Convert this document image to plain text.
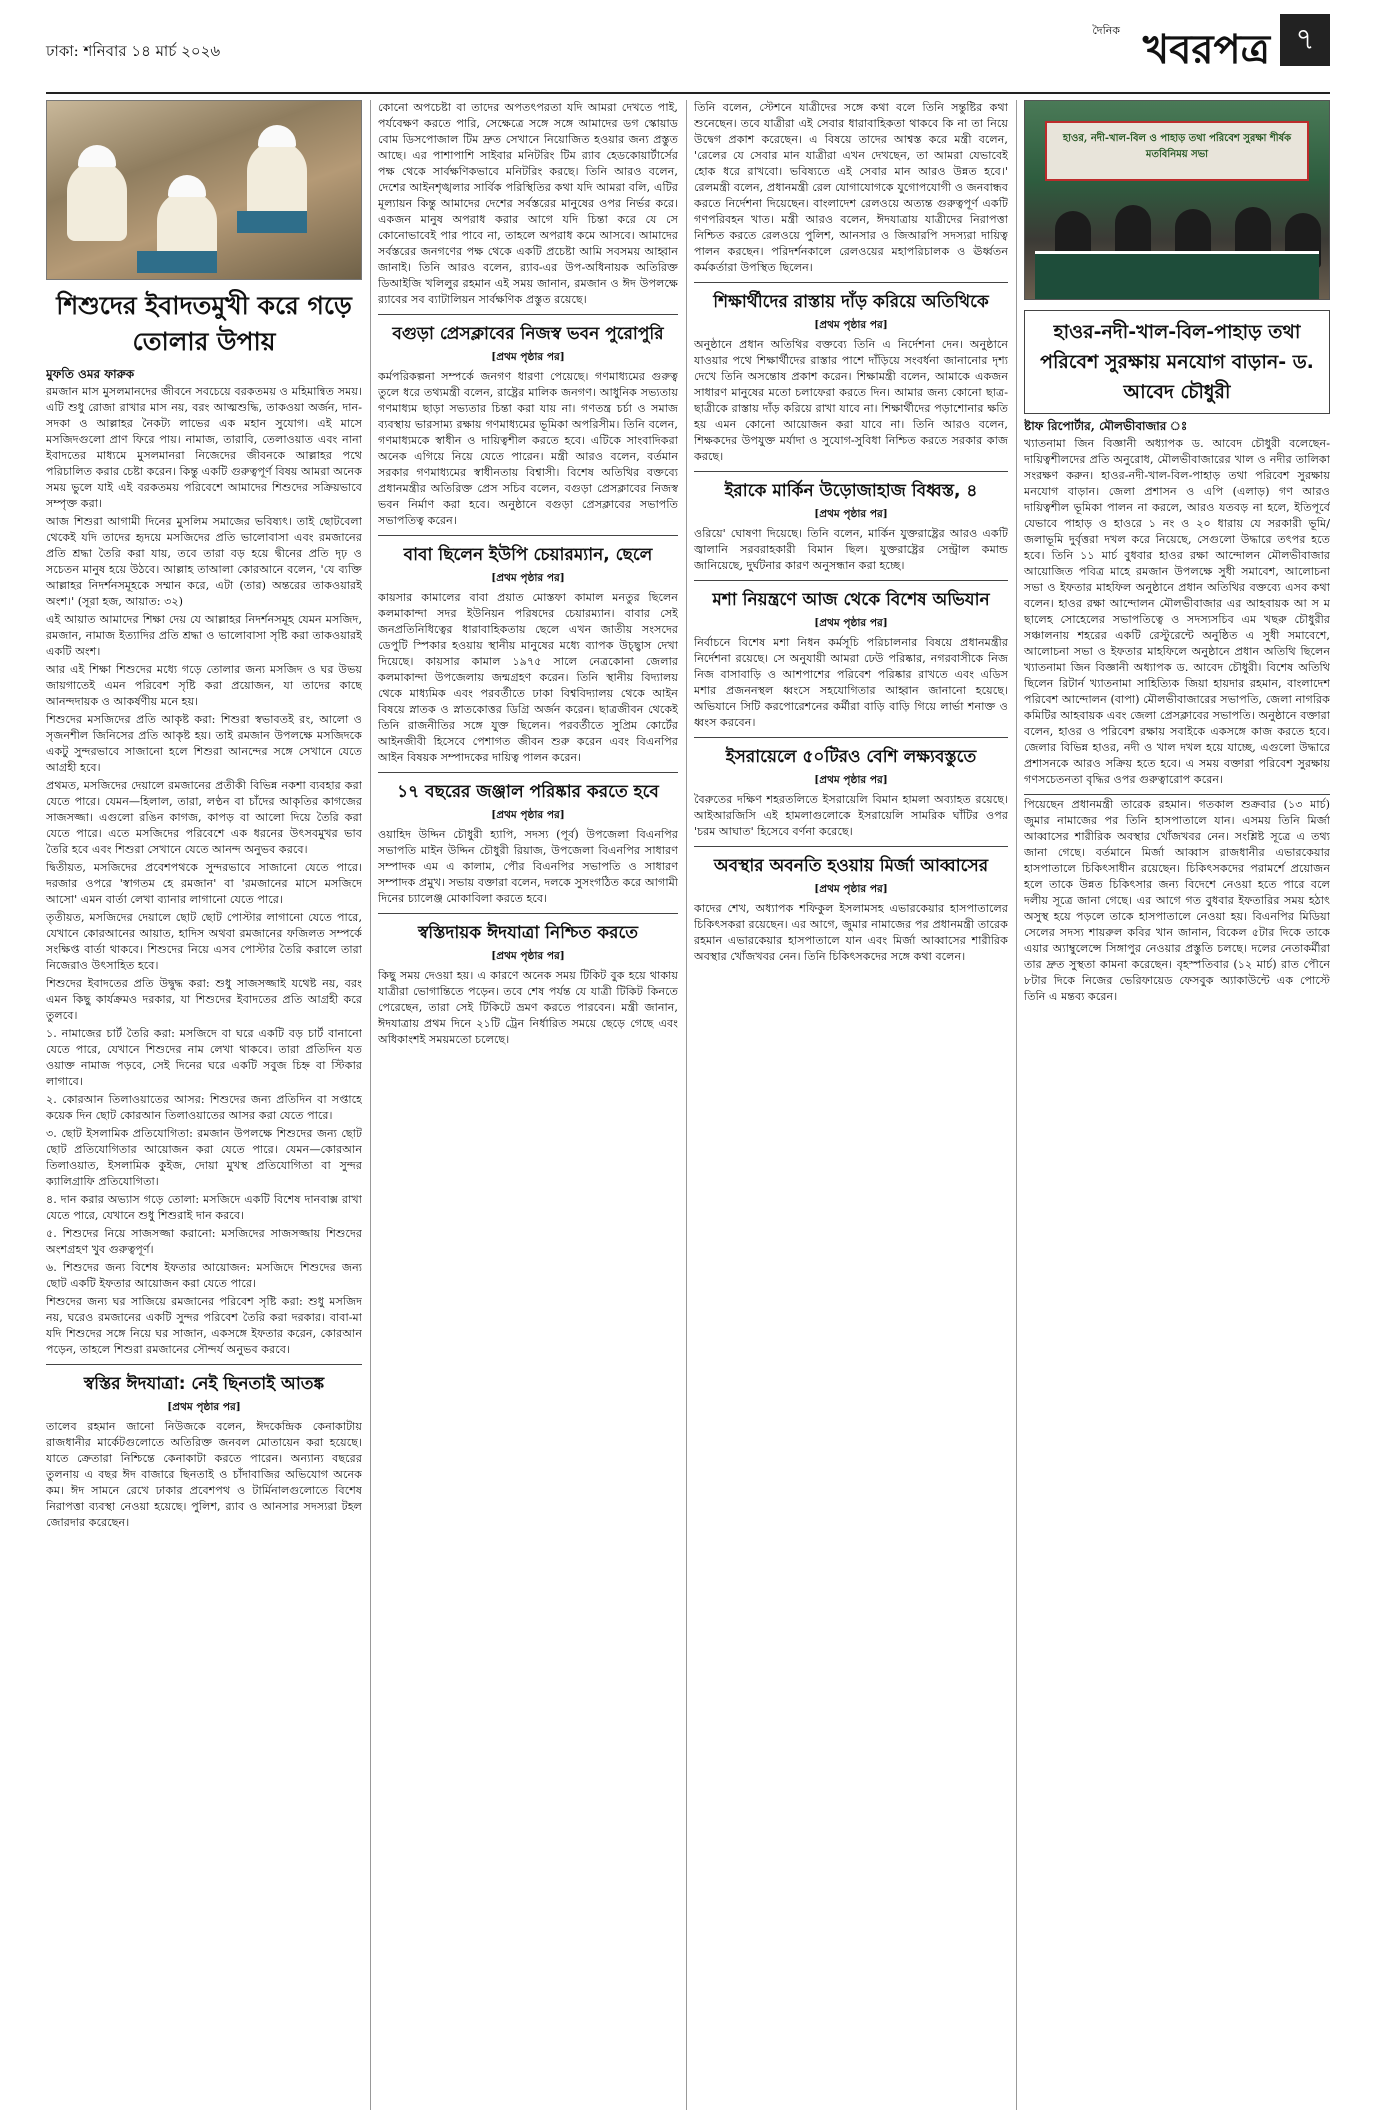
ঢাকা: শনিবার ১৪ মার্চ ২০২৬
দৈনিক খবরপত্র ৭
শিশুদের ইবাদতমুখী করে গড়ে তোলার উপায়
মুফতি ওমর ফারুক

রমজান মাস মুসলমানদের জীবনে সবচেয়ে বরকতময় ও মহিমান্বিত সময়। এটি শুধু রোজা রাখার মাস নয়, বরং আত্মশুদ্ধি, তাকওয়া অর্জন, দান-সদকা ও আল্লাহর নৈকট্য লাভের এক মহান সুযোগ। এই মাসে মসজিদগুলো প্রাণ ফিরে পায়। নামাজ, তারাবি, তেলাওয়াত এবং নানা ইবাদতের মাধ্যমে মুসলমানরা নিজেদের জীবনকে আল্লাহর পথে পরিচালিত করার চেষ্টা করেন। কিন্তু একটি গুরুত্বপূর্ণ বিষয় আমরা অনেক সময় ভুলে যাই এই বরকতময় পরিবেশে আমাদের শিশুদের সক্রিয়ভাবে সম্পৃক্ত করা।

আজ শিশুরা আগামী দিনের মুসলিম সমাজের ভবিষ্যৎ। তাই ছোটবেলা থেকেই যদি তাদের হৃদয়ে মসজিদের প্রতি ভালোবাসা এবং রমজানের প্রতি শ্রদ্ধা তৈরি করা যায়, তবে তারা বড় হয়ে দ্বীনের প্রতি দৃঢ় ও সচেতন মানুষ হয়ে উঠবে। আল্লাহ তাআলা কোরআনে বলেন, 'যে ব্যক্তি আল্লাহর নিদর্শনসমূহকে সম্মান করে, এটা (তার) অন্তরের তাকওয়ারই অংশ।' (সূরা হজ, আয়াত: ৩২)

এই আয়াত আমাদের শিক্ষা দেয় যে আল্লাহর নিদর্শনসমূহ যেমন মসজিদ, রমজান, নামাজ ইত্যাদির প্রতি শ্রদ্ধা ও ভালোবাসা সৃষ্টি করা তাকওয়ারই একটি অংশ।

আর এই শিক্ষা শিশুদের মধ্যে গড়ে তোলার জন্য মসজিদ ও ঘর উভয় জায়গাতেই এমন পরিবেশ সৃষ্টি করা প্রয়োজন, যা তাদের কাছে আনন্দদায়ক ও আকর্ষণীয় মনে হয়।

শিশুদের মসজিদের প্রতি আকৃষ্ট করা: শিশুরা স্বভাবতই রং, আলো ও সৃজনশীল জিনিসের প্রতি আকৃষ্ট হয়। তাই রমজান উপলক্ষে মসজিদকে একটু সুন্দরভাবে সাজানো হলে শিশুরা আনন্দের সঙ্গে সেখানে যেতে আগ্রহী হবে।

প্রথমত, মসজিদের দেয়ালে রমজানের প্রতীকী বিভিন্ন নকশা ব্যবহার করা যেতে পারে। যেমন—হিলাল, তারা, লণ্ঠন বা চাঁদের আকৃতির কাগজের সাজসজ্জা। এগুলো রঙিন কাগজ, কাপড় বা আলো দিয়ে তৈরি করা যেতে পারে। এতে মসজিদের পরিবেশে এক ধরনের উৎসবমুখর ভাব তৈরি হবে এবং শিশুরা সেখানে যেতে আনন্দ অনুভব করবে।

দ্বিতীয়ত, মসজিদের প্রবেশপথকে সুন্দরভাবে সাজানো যেতে পারে। দরজার ওপরে 'স্বাগতম হে রমজান' বা 'রমজানের মাসে মসজিদে আসো' এমন বার্তা লেখা ব্যানার লাগানো যেতে পারে।

তৃতীয়ত, মসজিদের দেয়ালে ছোট ছোট পোস্টার লাগানো যেতে পারে, যেখানে কোরআনের আয়াত, হাদিস অথবা রমজানের ফজিলত সম্পর্কে সংক্ষিপ্ত বার্তা থাকবে। শিশুদের নিয়ে এসব পোস্টার তৈরি করালে তারা নিজেরাও উৎসাহিত হবে।

শিশুদের ইবাদতের প্রতি উদ্বুদ্ধ করা: শুধু সাজসজ্জাই যথেষ্ট নয়, বরং এমন কিছু কার্যক্রমও দরকার, যা শিশুদের ইবাদতের প্রতি আগ্রহী করে তুলবে।

১. নামাজের চার্ট তৈরি করা: মসজিদে বা ঘরে একটি বড় চার্ট বানানো যেতে পারে, যেখানে শিশুদের নাম লেখা থাকবে। তারা প্রতিদিন যত ওয়াক্ত নামাজ পড়বে, সেই দিনের ঘরে একটি সবুজ চিহ্ন বা স্টিকার লাগাবে।

২. কোরআন তিলাওয়াতের আসর: শিশুদের জন্য প্রতিদিন বা সপ্তাহে কয়েক দিন ছোট কোরআন তিলাওয়াতের আসর করা যেতে পারে।

৩. ছোট ইসলামিক প্রতিযোগিতা: রমজান উপলক্ষে শিশুদের জন্য ছোট ছোট প্রতিযোগিতার আয়োজন করা যেতে পারে। যেমন—কোরআন তিলাওয়াত, ইসলামিক কুইজ, দোয়া মুখস্থ প্রতিযোগিতা বা সুন্দর ক্যালিগ্রাফি প্রতিযোগিতা।

৪. দান করার অভ্যাস গড়ে তোলা: মসজিদে একটি বিশেষ দানবাক্স রাখা যেতে পারে, যেখানে শুধু শিশুরাই দান করবে।

৫. শিশুদের নিয়ে সাজসজ্জা করানো: মসজিদের সাজসজ্জায় শিশুদের অংশগ্রহণ খুব গুরুত্বপূর্ণ।

৬. শিশুদের জন্য বিশেষ ইফতার আয়োজন: মসজিদে শিশুদের জন্য ছোট একটি ইফতার আয়োজন করা যেতে পারে।

শিশুদের জন্য ঘর সাজিয়ে রমজানের পরিবেশ সৃষ্টি করা: শুধু মসজিদ নয়, ঘরেও রমজানের একটি সুন্দর পরিবেশ তৈরি করা দরকার। বাবা-মা যদি শিশুদের সঙ্গে নিয়ে ঘর সাজান, একসঙ্গে ইফতার করেন, কোরআন পড়েন, তাহলে শিশুরা রমজানের সৌন্দর্য অনুভব করবে।

স্বস্তির ঈদযাত্রা: নেই ছিনতাই আতঙ্ক
[প্রথম পৃষ্ঠার পর]

তালেব রহমান জানো নিউজকে বলেন, ঈদকেন্দ্রিক কেনাকাটায় রাজধানীর মার্কেটগুলোতে অতিরিক্ত জনবল মোতায়েন করা হয়েছে। যাতে ক্রেতারা নিশ্চিন্তে কেনাকাটা করতে পারেন। অন্যান্য বছরের তুলনায় এ বছর ঈদ বাজারে ছিনতাই ও চাঁদাবাজির অভিযোগ অনেক কম। ঈদ সামনে রেখে ঢাকার প্রবেশপথ ও টার্মিনালগুলোতে বিশেষ নিরাপত্তা ব্যবস্থা নেওয়া হয়েছে। পুলিশ, র‍্যাব ও আনসার সদস্যরা টহল জোরদার করেছেন।

কোনো অপচেষ্টা বা তাদের অপতৎপরতা যদি আমরা দেখতে পাই, পর্যবেক্ষণ করতে পারি, সেক্ষেত্রে সঙ্গে সঙ্গে আমাদের ডগ স্কোয়াড বোম ডিসপোজাল টিম দ্রুত সেখানে নিয়োজিত হওয়ার জন্য প্রস্তুত আছে। এর পাশাপাশি সাইবার মনিটরিং টিম র‍্যাব হেডকোয়ার্টার্সের পক্ষ থেকে সার্বক্ষণিকভাবে মনিটরিং করছে। তিনি আরও বলেন, দেশের আইনশৃঙ্খলার সার্বিক পরিস্থিতির কথা যদি আমরা বলি, এটির মূল্যায়ন কিন্তু আমাদের দেশের সর্বস্তরের মানুষের ওপর নির্ভর করে। একজন মানুষ অপরাধ করার আগে যদি চিন্তা করে যে সে কোনোভাবেই পার পাবে না, তাহলে অপরাধ কমে আসবে। আমাদের সর্বস্তরের জনগণের পক্ষ থেকে একটি প্রচেষ্টা আমি সবসময় আহ্বান জানাই। তিনি আরও বলেন, র‍্যাব-এর উপ-অধিনায়ক অতিরিক্ত ডিআইজি খলিলুর রহমান এই সময় জানান, রমজান ও ঈদ উপলক্ষে র‍্যাবের সব ব্যাটালিয়ন সার্বক্ষণিক প্রস্তুত রয়েছে।

বগুড়া প্রেসক্লাবের নিজস্ব ভবন পুরোপুরি
[প্রথম পৃষ্ঠার পর]

কর্মপরিকল্পনা সম্পর্কে জনগণ ধারণা পেয়েছে। গণমাধ্যমের গুরুত্ব তুলে ধরে তথ্যমন্ত্রী বলেন, রাষ্ট্রের মালিক জনগণ। আধুনিক সভ্যতায় গণমাধ্যম ছাড়া সভ্যতার চিন্তা করা যায় না। গণতন্ত্র চর্চা ও সমাজ ব্যবস্থায় ভারসাম্য রক্ষায় গণমাধ্যমের ভূমিকা অপরিসীম। তিনি বলেন, গণমাধ্যমকে স্বাধীন ও দায়িত্বশীল করতে হবে। এটিকে সাংবাদিকরা অনেক এগিয়ে নিয়ে যেতে পারেন। মন্ত্রী আরও বলেন, বর্তমান সরকার গণমাধ্যমের স্বাধীনতায় বিশ্বাসী। বিশেষ অতিথির বক্তব্যে প্রধানমন্ত্রীর অতিরিক্ত প্রেস সচিব বলেন, বগুড়া প্রেসক্লাবের নিজস্ব ভবন নির্মাণ করা হবে। অনুষ্ঠানে বগুড়া প্রেসক্লাবের সভাপতি সভাপতিত্ব করেন।

বাবা ছিলেন ইউপি চেয়ারম্যান, ছেলে
[প্রথম পৃষ্ঠার পর]

কায়সার কামালের বাবা প্রয়াত মোস্তফা কামাল মনতুর ছিলেন কলমাকান্দা সদর ইউনিয়ন পরিষদের চেয়ারম্যান। বাবার সেই জনপ্রতিনিধিত্বের ধারাবাহিকতায় ছেলে এখন জাতীয় সংসদের ডেপুটি স্পিকার হওয়ায় স্থানীয় মানুষের মধ্যে ব্যাপক উচ্ছ্বাস দেখা দিয়েছে। কায়সার কামাল ১৯৭৫ সালে নেত্রকোনা জেলার কলমাকান্দা উপজেলায় জন্মগ্রহণ করেন। তিনি স্থানীয় বিদ্যালয় থেকে মাধ্যমিক এবং পরবর্তীতে ঢাকা বিশ্ববিদ্যালয় থেকে আইন বিষয়ে স্নাতক ও স্নাতকোত্তর ডিগ্রি অর্জন করেন। ছাত্রজীবন থেকেই তিনি রাজনীতির সঙ্গে যুক্ত ছিলেন। পরবর্তীতে সুপ্রিম কোর্টের আইনজীবী হিসেবে পেশাগত জীবন শুরু করেন এবং বিএনপির আইন বিষয়ক সম্পাদকের দায়িত্ব পালন করেন।

১৭ বছরের জঞ্জাল পরিষ্কার করতে হবে
[প্রথম পৃষ্ঠার পর]

ওয়াহিদ উদ্দিন চৌধুরী হ্যাপি, সদস্য (পূর্ব) উপজেলা বিএনপির সভাপতি মাইন উদ্দিন চৌধুরী রিয়াজ, উপজেলা বিএনপির সাধারণ সম্পাদক এম এ কালাম, পৌর বিএনপির সভাপতি ও সাধারণ সম্পাদক প্রমুখ। সভায় বক্তারা বলেন, দলকে সুসংগঠিত করে আগামী দিনের চ্যালেঞ্জ মোকাবিলা করতে হবে।

স্বস্তিদায়ক ঈদযাত্রা নিশ্চিত করতে
[প্রথম পৃষ্ঠার পর]

কিছু সময় দেওয়া হয়। এ কারণে অনেক সময় টিকিট বুক হয়ে থাকায় যাত্রীরা ভোগান্তিতে পড়েন। তবে শেষ পর্যন্ত যে যাত্রী টিকিট কিনতে পেরেছেন, তারা সেই টিকিটে ভ্রমণ করতে পারবেন। মন্ত্রী জানান, ঈদযাত্রায় প্রথম দিনে ২১টি ট্রেন নির্ধারিত সময়ে ছেড়ে গেছে এবং অধিকাংশই সময়মতো চলেছে।

তিনি বলেন, স্টেশনে যাত্রীদের সঙ্গে কথা বলে তিনি সন্তুষ্টির কথা শুনেছেন। তবে যাত্রীরা এই সেবার ধারাবাহিকতা থাকবে কি না তা নিয়ে উদ্বেগ প্রকাশ করেছেন। এ বিষয়ে তাদের আশ্বস্ত করে মন্ত্রী বলেন, 'রেলের যে সেবার মান যাত্রীরা এখন দেখছেন, তা আমরা যেভাবেই হোক ধরে রাখবো। ভবিষ্যতে এই সেবার মান আরও উন্নত হবে।' রেলমন্ত্রী বলেন, প্রধানমন্ত্রী রেল যোগাযোগকে যুগোপযোগী ও জনবান্ধব করতে নির্দেশনা দিয়েছেন। বাংলাদেশ রেলওয়ে অত্যন্ত গুরুত্বপূর্ণ একটি গণপরিবহন খাত। মন্ত্রী আরও বলেন, ঈদযাত্রায় যাত্রীদের নিরাপত্তা নিশ্চিত করতে রেলওয়ে পুলিশ, আনসার ও জিআরপি সদস্যরা দায়িত্ব পালন করছেন। পরিদর্শনকালে রেলওয়ের মহাপরিচালক ও ঊর্ধ্বতন কর্মকর্তারা উপস্থিত ছিলেন।

শিক্ষার্থীদের রাস্তায় দাঁড় করিয়ে অতিথিকে
[প্রথম পৃষ্ঠার পর]

অনুষ্ঠানে প্রধান অতিথির বক্তব্যে তিনি এ নির্দেশনা দেন। অনুষ্ঠানে যাওয়ার পথে শিক্ষার্থীদের রাস্তার পাশে দাঁড়িয়ে সংবর্ধনা জানানোর দৃশ্য দেখে তিনি অসন্তোষ প্রকাশ করেন। শিক্ষামন্ত্রী বলেন, আমাকে একজন সাধারণ মানুষের মতো চলাফেরা করতে দিন। আমার জন্য কোনো ছাত্র-ছাত্রীকে রাস্তায় দাঁড় করিয়ে রাখা যাবে না। শিক্ষার্থীদের পড়াশোনার ক্ষতি হয় এমন কোনো আয়োজন করা যাবে না। তিনি আরও বলেন, শিক্ষকদের উপযুক্ত মর্যাদা ও সুযোগ-সুবিধা নিশ্চিত করতে সরকার কাজ করছে।

ইরাকে মার্কিন উড়োজাহাজ বিধ্বস্ত, ৪
[প্রথম পৃষ্ঠার পর]

ওরিয়ে' ঘোষণা দিয়েছে। তিনি বলেন, মার্কিন যুক্তরাষ্ট্রের আরও একটি জ্বালানি সরবরাহকারী বিমান ছিল। যুক্তরাষ্ট্রের সেন্ট্রাল কমান্ড জানিয়েছে, দুর্ঘটনার কারণ অনুসন্ধান করা হচ্ছে।

মশা নিয়ন্ত্রণে আজ থেকে বিশেষ অভিযান
[প্রথম পৃষ্ঠার পর]

নির্বাচনে বিশেষ মশা নিধন কর্মসূচি পরিচালনার বিষয়ে প্রধানমন্ত্রীর নির্দেশনা রয়েছে। সে অনুযায়ী আমরা ঢেউ পরিষ্কার, নগরবাসীকে নিজ নিজ বাসাবাড়ি ও আশপাশের পরিবেশ পরিষ্কার রাখতে এবং এডিস মশার প্রজননস্থল ধ্বংসে সহযোগিতার আহ্বান জানানো হয়েছে। অভিযানে সিটি করপোরেশনের কর্মীরা বাড়ি বাড়ি গিয়ে লার্ভা শনাক্ত ও ধ্বংস করবেন।

ইসরায়েলে ৫০টিরও বেশি লক্ষ্যবস্তুতে
[প্রথম পৃষ্ঠার পর]

বৈরুতের দক্ষিণ শহরতলিতে ইসরায়েলি বিমান হামলা অব্যাহত রয়েছে। আইআরজিসি এই হামলাগুলোকে ইসরায়েলি সামরিক ঘাঁটির ওপর 'চরম আঘাত' হিসেবে বর্ণনা করেছে।

অবস্থার অবনতি হওয়ায় মির্জা আব্বাসের
[প্রথম পৃষ্ঠার পর]

কাদের শেখ, অধ্যাপক শফিকুল ইসলামসহ এভারকেয়ার হাসপাতালের চিকিৎসকরা রয়েছেন। এর আগে, জুমার নামাজের পর প্রধানমন্ত্রী তারেক রহমান এভারকেয়ার হাসপাতালে যান এবং মির্জা আব্বাসের শারীরিক অবস্থার খোঁজখবর নেন। তিনি চিকিৎসকদের সঙ্গে কথা বলেন।

হাওর, নদী-খাল-বিল ও পাহাড় তথা পরিবেশ সুরক্ষা শীর্ষক মতবিনিময় সভা
হাওর-নদী-খাল-বিল-পাহাড় তথা পরিবেশ সুরক্ষায় মনযোগ বাড়ান- ড. আবেদ চৌধুরী
ষ্টাফ রিপোর্টার, মৌলভীবাজার ঃ

খ্যাতনামা জিন বিজ্ঞানী অধ্যাপক ড. আবেদ চৌধুরী বলেছেন- দায়িত্বশীলদের প্রতি অনুরোধ, মৌলভীবাজারের খাল ও নদীর তালিকা সংরক্ষণ করুন। হাওর-নদী-খাল-বিল-পাহাড় তথা পরিবেশ সুরক্ষায় মনযোগ বাড়ান। জেলা প্রশাসন ও এপি (এলাড়) গণ আরও দায়িত্বশীল ভূমিকা পালন না করলে, আরও যতবড় না হলে, ইতিপূর্বে যেভাবে পাহাড় ও হাওরে ১ নং ও ২০ ধারায় যে সরকারী ভূমি/জলাভূমি দুর্বৃত্তরা দখল করে নিয়েছে, সেগুলো উদ্ধারে তৎপর হতে হবে। তিনি ১১ মার্চ বুধবার হাওর রক্ষা আন্দোলন মৌলভীবাজার আয়োজিত পবিত্র মাহে রমজান উপলক্ষে সুধী সমাবেশ, আলোচনা সভা ও ইফতার মাহফিল অনুষ্ঠানে প্রধান অতিথির বক্তব্যে এসব কথা বলেন। হাওর রক্ষা আন্দোলন মৌলভীবাজার এর আহবায়ক আ স ম ছালেহ সোহেলের সভাপতিত্বে ও সদস্যসচিব এম খছরু চৌধুরীর সঞ্চালনায় শহরের একটি রেস্টুরেন্টে অনুষ্ঠিত এ সুধী সমাবেশে, আলোচনা সভা ও ইফতার মাহফিলে অনুষ্ঠানে প্রধান অতিথি ছিলেন খ্যাতনামা জিন বিজ্ঞানী অধ্যাপক ড. আবেদ চৌধুরী। বিশেষ অতিথি ছিলেন রিটার্ন খ্যাতনামা সাহিত্যিক জিয়া হায়দার রহমান, বাংলাদেশ পরিবেশ আন্দোলন (বাপা) মৌলভীবাজারের সভাপতি, জেলা নাগরিক কমিটির আহবায়ক এবং জেলা প্রেসক্লাবের সভাপতি। অনুষ্ঠানে বক্তারা বলেন, হাওর ও পরিবেশ রক্ষায় সবাইকে একসঙ্গে কাজ করতে হবে। জেলার বিভিন্ন হাওর, নদী ও খাল দখল হয়ে যাচ্ছে, এগুলো উদ্ধারে প্রশাসনকে আরও সক্রিয় হতে হবে। এ সময় বক্তারা পরিবেশ সুরক্ষায় গণসচেতনতা বৃদ্ধির ওপর গুরুত্বারোপ করেন।

পিয়েছেন প্রধানমন্ত্রী তারেক রহমান। গতকাল শুক্রবার (১৩ মার্চ) জুমার নামাজের পর তিনি হাসপাতালে যান। এসময় তিনি মির্জা আব্বাসের শারীরিক অবস্থার খোঁজখবর নেন। সংশ্লিষ্ট সূত্রে এ তথ্য জানা গেছে। বর্তমানে মির্জা আব্বাস রাজধানীর এভারকেয়ার হাসপাতালে চিকিৎসাধীন রয়েছেন। চিকিৎসকদের পরামর্শে প্রয়োজন হলে তাকে উন্নত চিকিৎসার জন্য বিদেশে নেওয়া হতে পারে বলে দলীয় সূত্রে জানা গেছে। এর আগে গত বুধবার ইফতারির সময় হঠাৎ অসুস্থ হয়ে পড়লে তাকে হাসপাতালে নেওয়া হয়। বিএনপির মিডিয়া সেলের সদস্য শায়রুল কবির খান জানান, বিকেল ৫টার দিকে তাকে এয়ার অ্যাম্বুলেন্সে সিঙ্গাপুর নেওয়ার প্রস্তুতি চলছে। দলের নেতাকর্মীরা তার দ্রুত সুস্থতা কামনা করেছেন। বৃহস্পতিবার (১২ মার্চ) রাত পৌনে ৮টার দিকে নিজের ভেরিফায়েড ফেসবুক অ্যাকাউন্টে এক পোস্টে তিনি এ মন্তব্য করেন।
